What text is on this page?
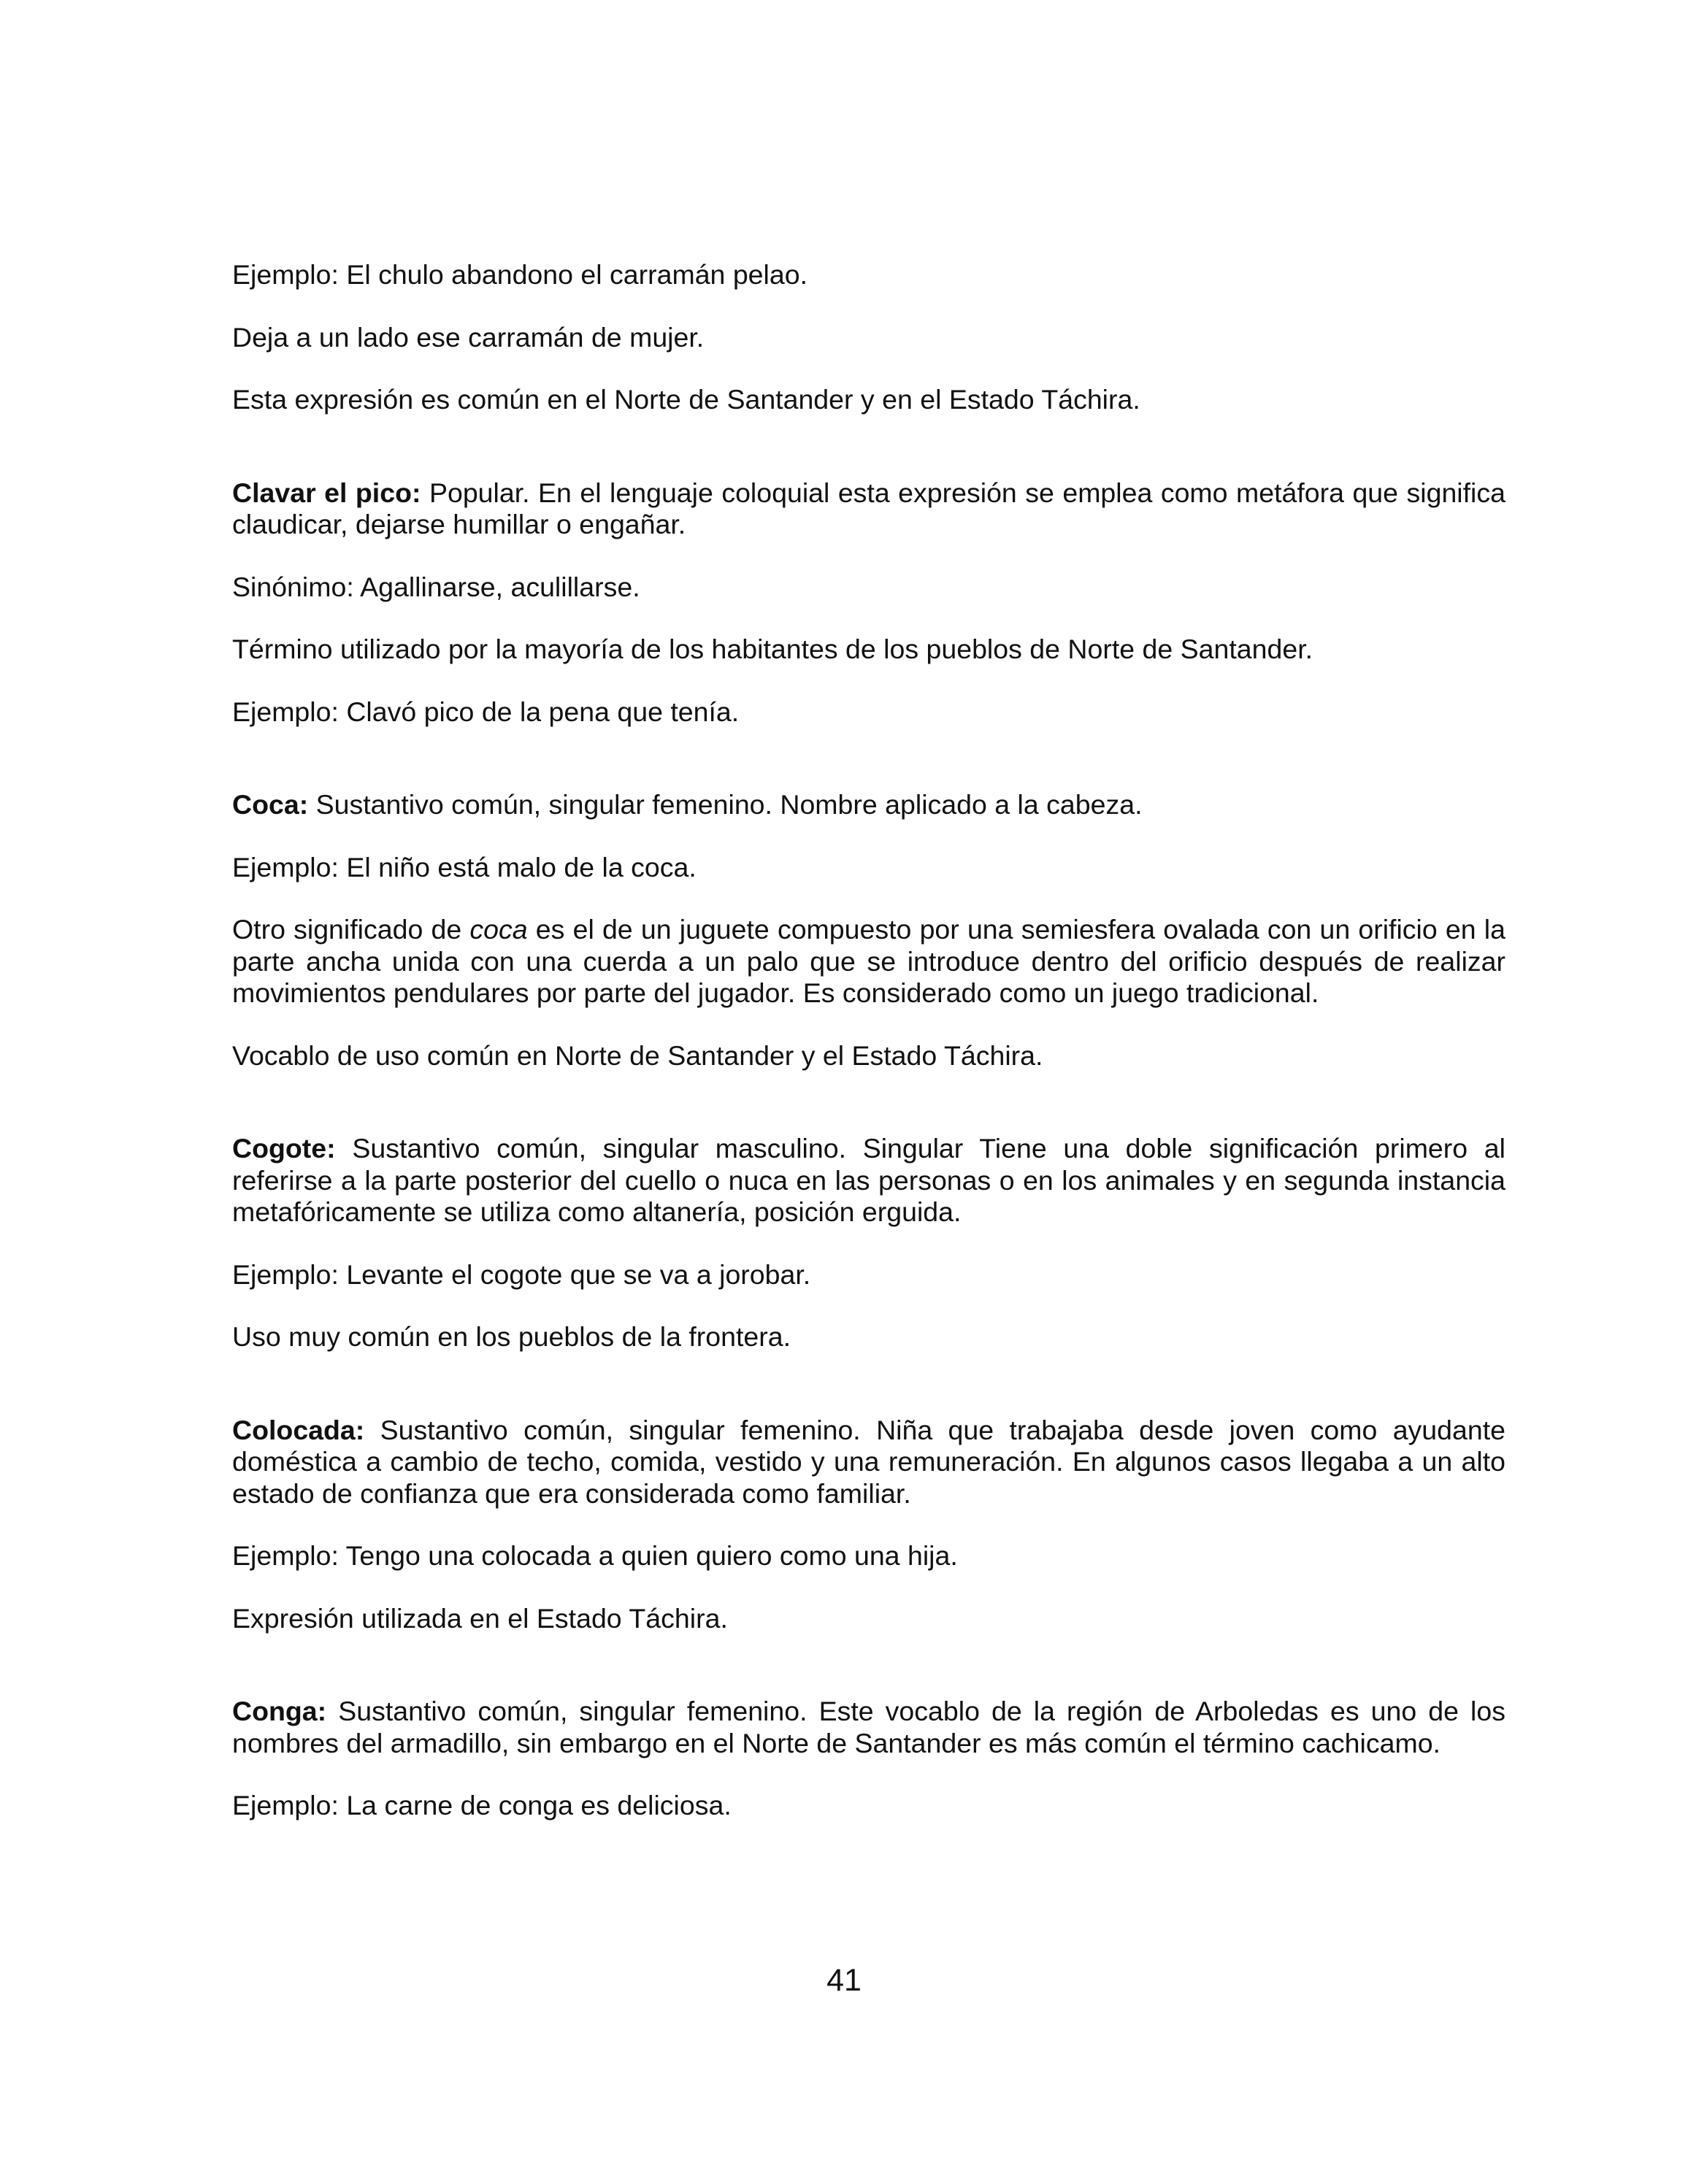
Ejemplo: El chulo abandono el carramán pelao.

Deja a un lado ese carramán de mujer.

Esta expresión es común en el Norte de Santander y en el Estado Táchira.

Clavar el pico: Popular. En el lenguaje coloquial esta expresión se emplea como metáfora que significa claudicar, dejarse humillar o engañar.

Sinónimo: Agallinarse, aculillarse.

Término utilizado por la mayoría de los habitantes de los pueblos de Norte de Santander.

Ejemplo: Clavó pico de la pena que tenía.

Coca: Sustantivo común, singular femenino. Nombre aplicado a la cabeza.

Ejemplo: El niño está malo de la coca.

Otro significado de coca es el de un juguete compuesto por una semiesfera ovalada con un orificio en la parte ancha unida con una cuerda a un palo que se introduce dentro del orificio después de realizar movimientos pendulares por parte del jugador. Es considerado como un juego tradicional.

Vocablo de uso común en Norte de Santander y el Estado Táchira.

Cogote: Sustantivo común, singular masculino. Singular Tiene una doble significación primero al referirse a la parte posterior del cuello o nuca en las personas o en los animales y en segunda instancia metafóricamente se utiliza como altanería, posición erguida.

Ejemplo: Levante el cogote que se va a jorobar.

Uso muy común en los pueblos de la frontera.

Colocada: Sustantivo común, singular femenino. Niña que trabajaba desde joven como ayudante doméstica a cambio de techo, comida, vestido y una remuneración. En algunos casos llegaba a un alto estado de confianza que era considerada como familiar.

Ejemplo: Tengo una colocada a quien quiero como una hija.

Expresión utilizada en el Estado Táchira.

Conga: Sustantivo común, singular femenino. Este vocablo de la región de Arboledas es uno de los nombres del armadillo, sin embargo en el Norte de Santander es más común el término cachicamo.

Ejemplo: La carne de conga es deliciosa.

41
